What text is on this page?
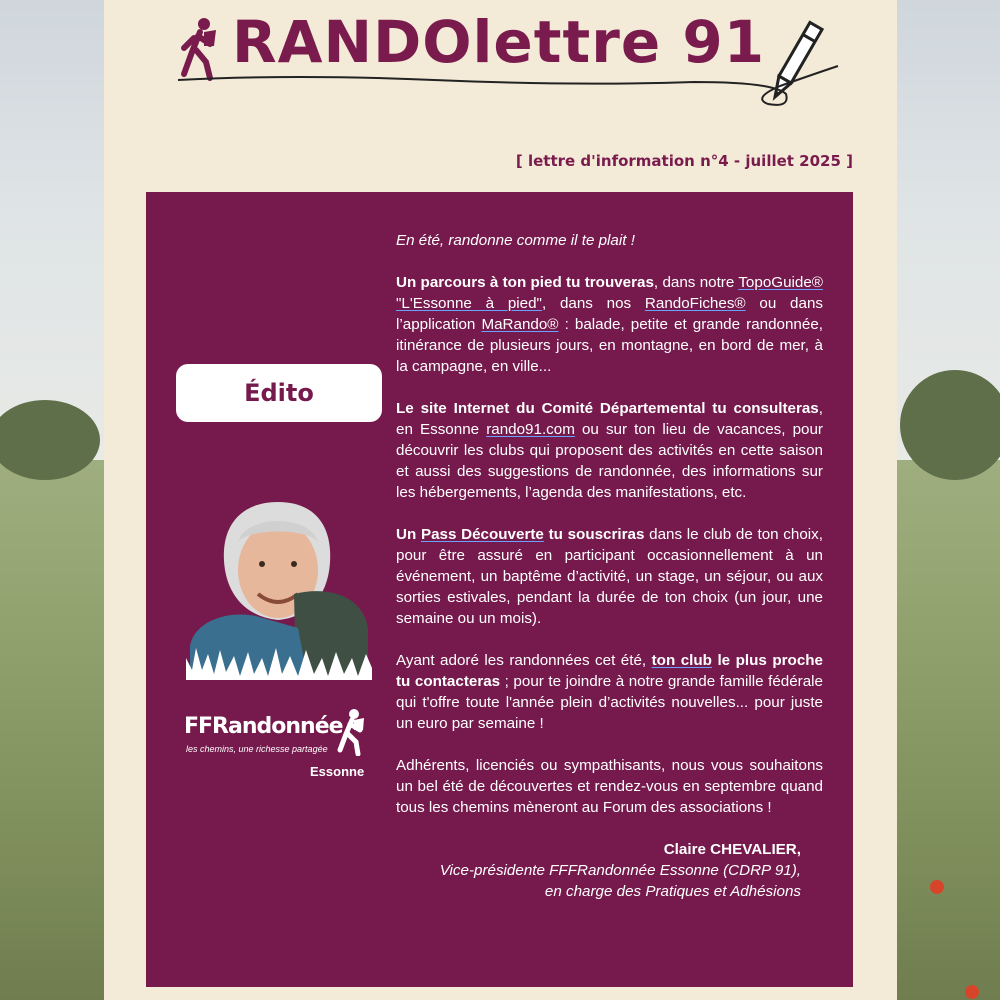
RANDOlettre 91
[ lettre d'information n°4 - juillet 2025 ]
Édito
FFRandonnée
les chemins, une richesse partagée
Essonne

En été, randonne comme il te plait !

Un parcours à ton pied tu trouveras, dans notre TopoGuide® "L'Essonne à pied", dans nos RandoFiches® ou dans l’application MaRando® : balade, petite et grande randonnée, itinérance de plusieurs jours, en montagne, en bord de mer, à la campagne, en ville...

Le site Internet du Comité Départemental tu consulteras, en Essonne rando91.com ou sur ton lieu de vacances, pour découvrir les clubs qui proposent des activités en cette saison et aussi des suggestions de randonnée, des informations sur les hébergements, l’agenda des manifestations, etc.

Un Pass Découverte tu souscriras dans le club de ton choix, pour être assuré en participant occasionnellement à un événement, un baptême d’activité, un stage, un séjour, ou aux sorties estivales, pendant la durée de ton choix (un jour, une semaine ou un mois).

Ayant adoré les randonnées cet été, ton club le plus proche tu contacteras ; pour te joindre à notre grande famille fédérale qui t'offre toute l'année plein d’activités nouvelles... pour juste un euro par semaine !

Adhérents, licenciés ou sympathisants, nous vous souhaitons un bel été de découvertes et rendez-vous en septembre quand tous les chemins mèneront au Forum des associations !

Claire CHEVALIER,
Vice-présidente FFFRandonnée Essonne (CDRP 91),
en charge des Pratiques et Adhésions
